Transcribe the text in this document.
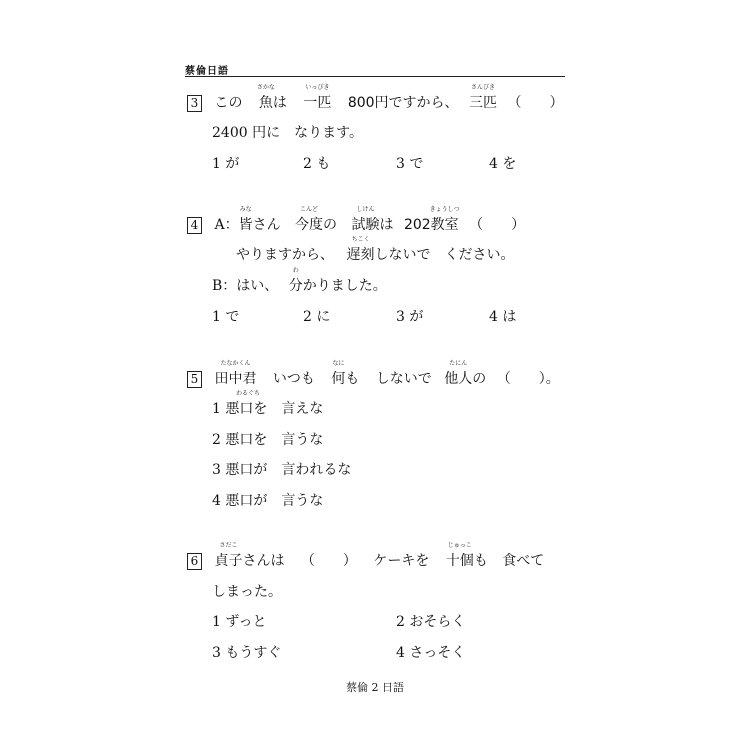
蔡倫日語
3 この
さかな
魚は
いっぴき
一匹 800円ですから、
さんびき
三匹 （　　）
2400 円に　なります。
1 が	2 も	3 で	4 を
4 A：
みな
皆さん
こんど
今度の
しけん
試験は 202
きょうしつ
教室 （　　）
やりますから、
ちこく
遅刻しないで　ください。
B：はい、
わ
分かりました。
1 で	2 に	3 が	4 は
5
たなかくん
田中君 いつも
なに
何も しないで
たにん
他人の （　　）。
わるぐち
1 悪口を　言えな
2 悪口を　言うな
3 悪口が　言われるな
4 悪口が　言うな
6
さだこ
貞子さんは （　　） ケーキを
じゅっこ
十個も 食べて
しまった。
1 ずっと	2 おそらく
3 もうすぐ	4 さっそく
蔡倫 2 日語
